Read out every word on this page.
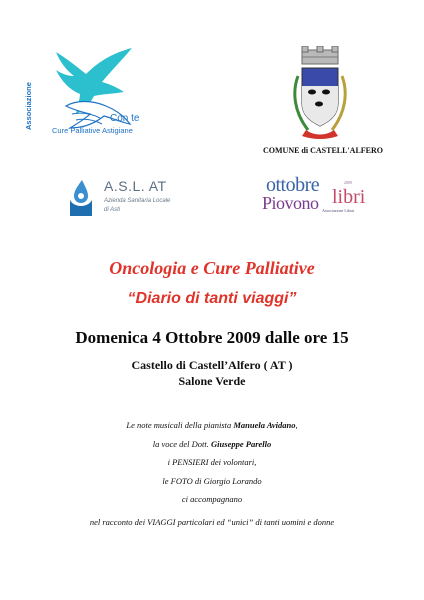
Associazione	Con te
Cure Palliative Astigiane
COMUNE di CASTELL'ALFERO
A.S.L. AT
Azienda Sanitaria Locale
di Asti
ottobre	2009
Piovono libri
Associazione Librai
Oncologia e Cure Palliative
“Diario di tanti viaggi”
Domenica 4 Ottobre 2009 dalle ore 15
Castello di Castell’Alfero ( AT )
Salone Verde
Le note musicali della pianista Manuela Avidano,
la voce del Dott. Giuseppe Parello
i PENSIERI dei volontari,
le FOTO di Giorgio Lorando
ci accompagnano
nel racconto dei VIAGGI particolari ed “unici” di tanti uomini e donne
